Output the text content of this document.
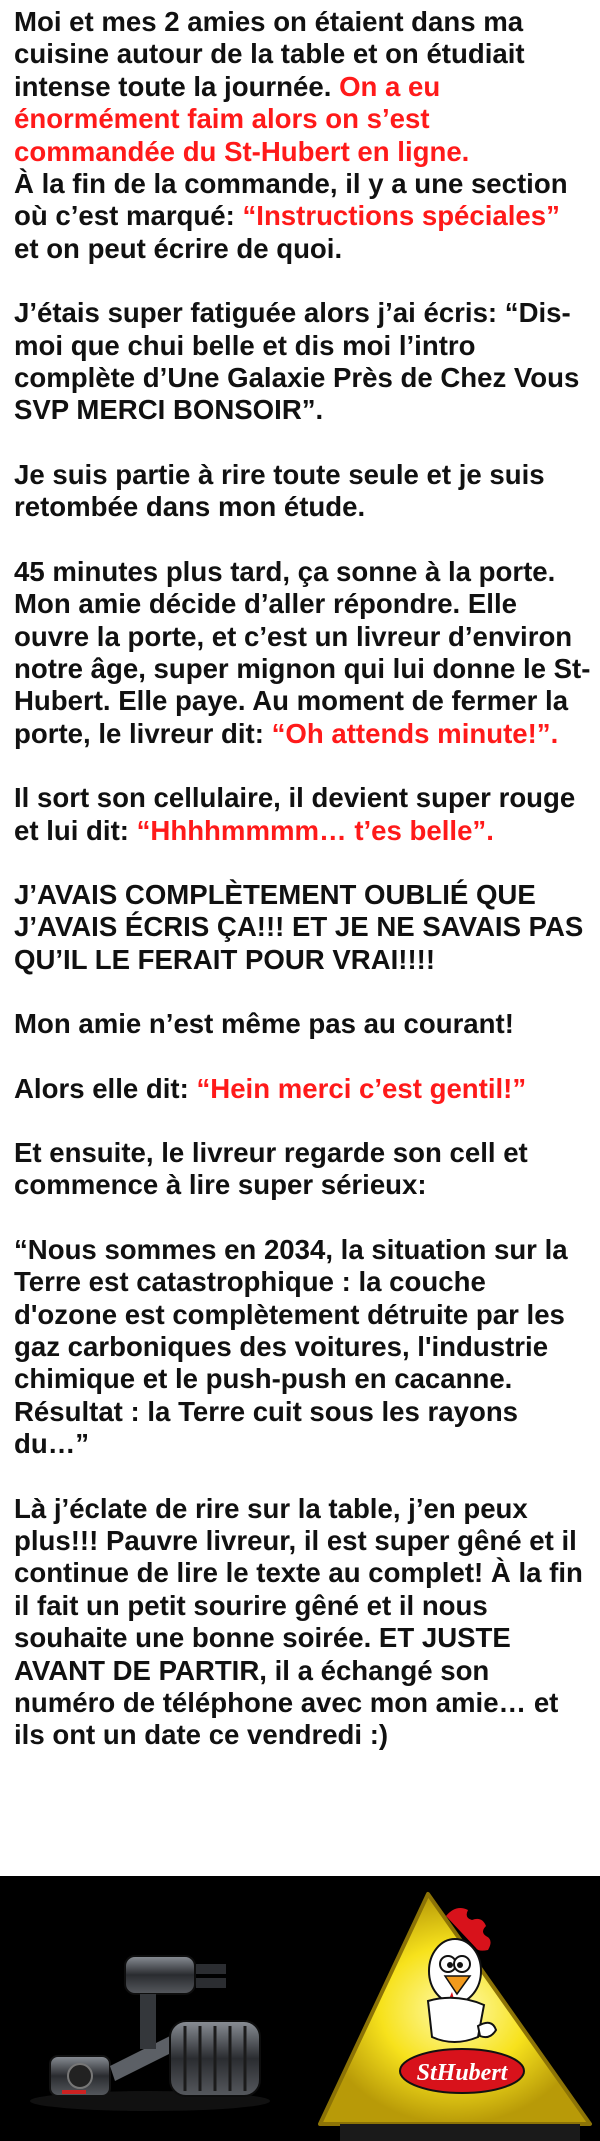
Moi et mes 2 amies on étaient dans ma cuisine autour de la table et on étudiait intense toute la journée. On a eu énormément faim alors on s’est commandée du St-Hubert en ligne.
À la fin de la commande, il y a une section où c’est marqué: “Instructions spéciales” et on peut écrire de quoi.

J’étais super fatiguée alors j’ai écris: “Dis-moi que chui belle et dis moi l’intro complète d’Une Galaxie Près de Chez Vous SVP MERCI BONSOIR”.

Je suis partie à rire toute seule et je suis retombée dans mon étude.

45 minutes plus tard, ça sonne à la porte. Mon amie décide d’aller répondre. Elle ouvre la porte, et c’est un livreur d’environ notre âge, super mignon qui lui donne le St-Hubert. Elle paye. Au moment de fermer la porte, le livreur dit: “Oh attends minute!”.

Il sort son cellulaire, il devient super rouge et lui dit: “Hhhhmmmm… t’es belle”.

J’AVAIS COMPLÈTEMENT OUBLIÉ QUE J’AVAIS ÉCRIS ÇA!!! ET JE NE SAVAIS PAS QU’IL LE FERAIT POUR VRAI!!!!

Mon amie n’est même pas au courant!

Alors elle dit: “Hein merci c’est gentil!”

Et ensuite, le livreur regarde son cell et commence à lire super sérieux:

“Nous sommes en 2034, la situation sur la Terre est catastrophique : la couche d'ozone est complètement détruite par les gaz carboniques des voitures, l'industrie chimique et le push-push en cacanne. Résultat : la Terre cuit sous les rayons du…”

Là j’éclate de rire sur la table, j’en peux plus!!! Pauvre livreur, il est super gêné et il continue de lire le texte au complet! À la fin il fait un petit sourire gêné et il nous souhaite une bonne soirée. ET JUSTE AVANT DE PARTIR, il a échangé son numéro de téléphone avec mon amie… et ils ont un date ce vendredi :)

StHubert
